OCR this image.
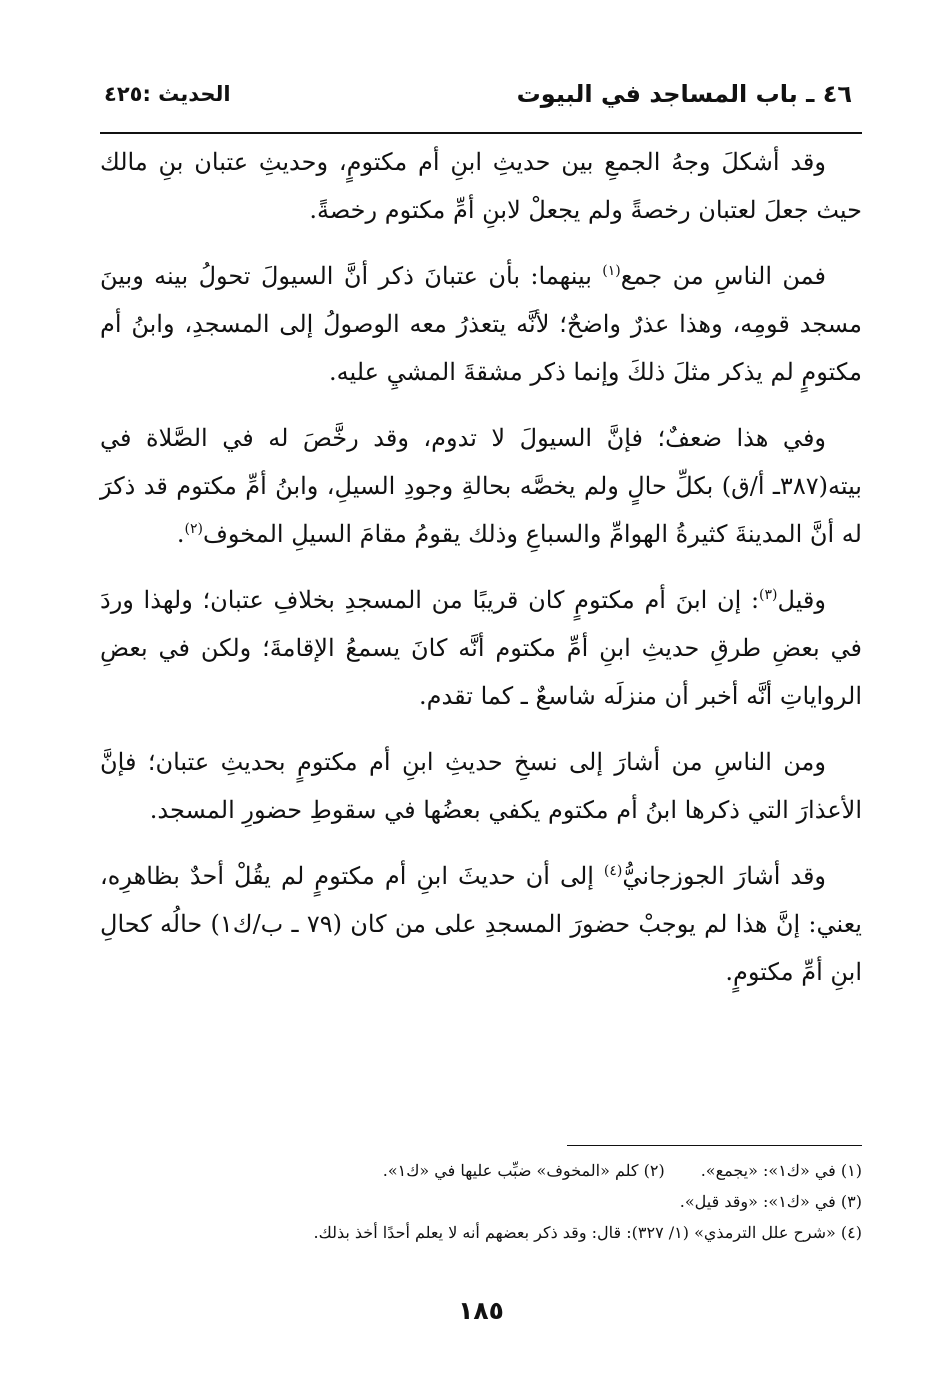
٤٦ ـ باب المساجد في البيوت
الحديث :٤٢٥

وقد أشكلَ وجهُ الجمعِ بين حديثِ ابنِ أم مكتومٍ، وحديثِ عتبان بنِ مالك حيث جعلَ لعتبان رخصةً ولم يجعلْ لابنِ أمِّ مكتوم رخصةً.

فمن الناسِ من جمع$^{(١)}$ بينهما: بأن عتبانَ ذكر أنَّ السيولَ تحولُ بينه وبينَ مسجد قومِه، وهذا عذرٌ واضحٌ؛ لأنَّه يتعذرُ معه الوصولُ إلى المسجدِ، وابنُ أم مكتومٍ لم يذكر مثلَ ذلكَ وإنما ذكر مشقةَ المشيِ عليه.

وفي هذا ضعفٌ؛ فإنَّ السيولَ لا تدوم، وقد رخَّصَ له في الصَّلاة في بيته(٣٨٧ـ أ/ق) بكلِّ حالٍ ولم يخصَّه بحالةِ وجودِ السيلِ، وابنُ أمِّ مكتوم قد ذكرَ له أنَّ المدينةَ كثيرةُ الهوامِّ والسباعِ وذلك يقومُ مقامَ السيلِ المخوف$^{(٢)}$.

وقيل$^{(٣)}$: إن ابنَ أم مكتومٍ كان قريبًا من المسجدِ بخلافِ عتبان؛ ولهذا وردَ في بعضِ طرقِ حديثِ ابنِ أمِّ مكتوم أنَّه كانَ يسمعُ الإقامةَ؛ ولكن في بعضِ الرواياتِ أنَّه أخبر أن منزلَه شاسعٌ ـ كما تقدم.

ومن الناسِ من أشارَ إلى نسخِ حديثِ ابنِ أم مكتومٍ بحديثِ عتبان؛ فإنَّ الأعذارَ التي ذكرها ابنُ أم مكتوم يكفي بعضُها في سقوطِ حضورِ المسجد.

وقد أشارَ الجوزجانيُّ$^{(٤)}$ إلى أن حديثَ ابنِ أم مكتومٍ لم يقُلْ أحدٌ بظاهرِه، يعني: إنَّ هذا لم يوجبْ حضورَ المسجدِ على من كان (٧٩ ـ ب/ك١) حالُه كحالِ ابنِ أمِّ مكتومٍ.

(١) في «ك١»: «يجمع».
(٢) كلم «المخوف» ضبِّب عليها في «ك١».
(٣) في «ك١»: «وقد قيل».
(٤) «شرح علل الترمذي» (١/ ٣٢٧): قال: وقد ذكر بعضهم أنه لا يعلم أحدًا أخذ بذلك.
١٨٥
